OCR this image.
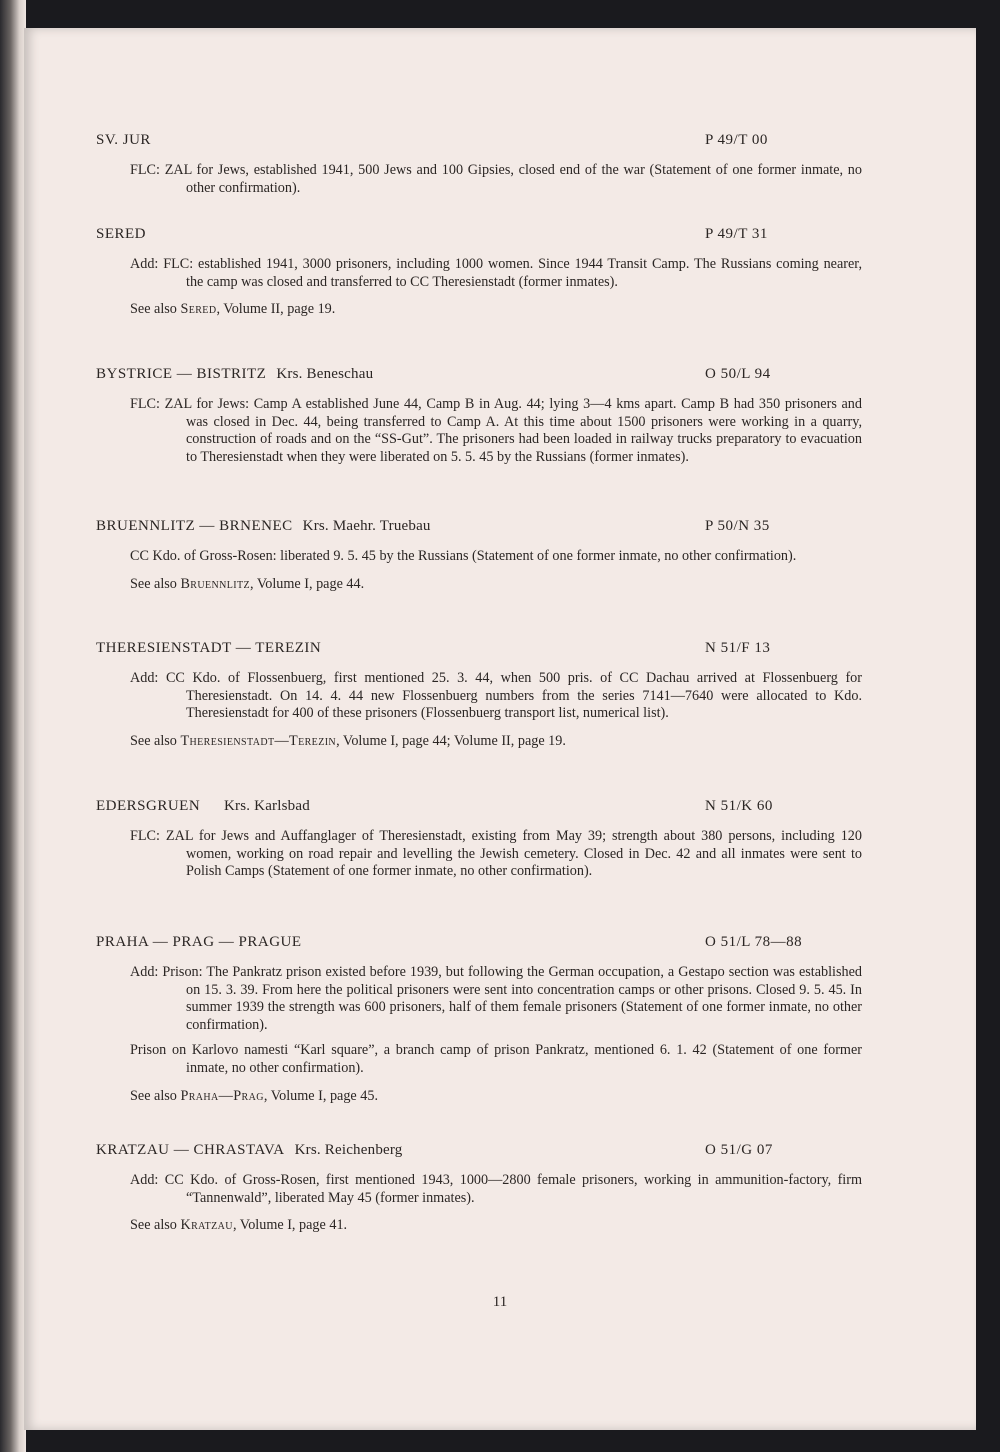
SV. JUR	P 49/T 00
FLC: ZAL for Jews, established 1941, 500 Jews and 100 Gipsies, closed end of the war (Statement of one former inmate, no other confirmation).
SERED	P 49/T 31
Add: FLC: established 1941, 3000 prisoners, including 1000 women. Since 1944 Transit Camp. The Russians coming nearer, the camp was closed and transferred to CC Theresienstadt (former inmates).
See also Sered, Volume II, page 19.
BYSTRICE — BISTRITZ Krs. Beneschau	O 50/L 94
FLC: ZAL for Jews: Camp A established June 44, Camp B in Aug. 44; lying 3—4 kms apart. Camp B had 350 prisoners and was closed in Dec. 44, being transferred to Camp A. At this time about 1500 prisoners were working in a quarry, construction of roads and on the “SS-Gut”. The prisoners had been loaded in railway trucks preparatory to evacuation to Theresienstadt when they were liberated on 5. 5. 45 by the Russians (former inmates).
BRUENNLITZ — BRNENEC Krs. Maehr. Truebau	P 50/N 35
CC Kdo. of Gross-Rosen: liberated 9. 5. 45 by the Russians (Statement of one former inmate, no other confirmation).
See also Bruennlitz, Volume I, page 44.
THERESIENSTADT — TEREZIN	N 51/F 13
Add: CC Kdo. of Flossenbuerg, first mentioned 25. 3. 44, when 500 pris. of CC Dachau arrived at Flossenbuerg for Theresienstadt. On 14. 4. 44 new Flossenbuerg numbers from the series 7141—7640 were allocated to Kdo. Theresienstadt for 400 of these prisoners (Flossenbuerg transport list, numerical list).
See also Theresienstadt—Terezin, Volume I, page 44; Volume II, page 19.
EDERSGRUEN Krs. Karlsbad	N 51/K 60
FLC: ZAL for Jews and Auffanglager of Theresienstadt, existing from May 39; strength about 380 persons, including 120 women, working on road repair and levelling the Jewish cemetery. Closed in Dec. 42 and all inmates were sent to Polish Camps (Statement of one former inmate, no other confirmation).
PRAHA — PRAG — PRAGUE	O 51/L 78—88
Add: Prison: The Pankratz prison existed before 1939, but following the German occupation, a Gestapo section was established on 15. 3. 39. From here the political prisoners were sent into concentration camps or other prisons. Closed 9. 5. 45. In summer 1939 the strength was 600 prisoners, half of them female prisoners (Statement of one former inmate, no other confirmation).
Prison on Karlovo namesti “Karl square”, a branch camp of prison Pankratz, mentioned 6. 1. 42 (Statement of one former inmate, no other confirmation).
See also Praha—Prag, Volume I, page 45.
KRATZAU — CHRASTAVA Krs. Reichenberg	O 51/G 07
Add: CC Kdo. of Gross-Rosen, first mentioned 1943, 1000—2800 female prisoners, working in ammunition-factory, firm “Tannenwald”, liberated May 45 (former inmates).
See also Kratzau, Volume I, page 41.
11
